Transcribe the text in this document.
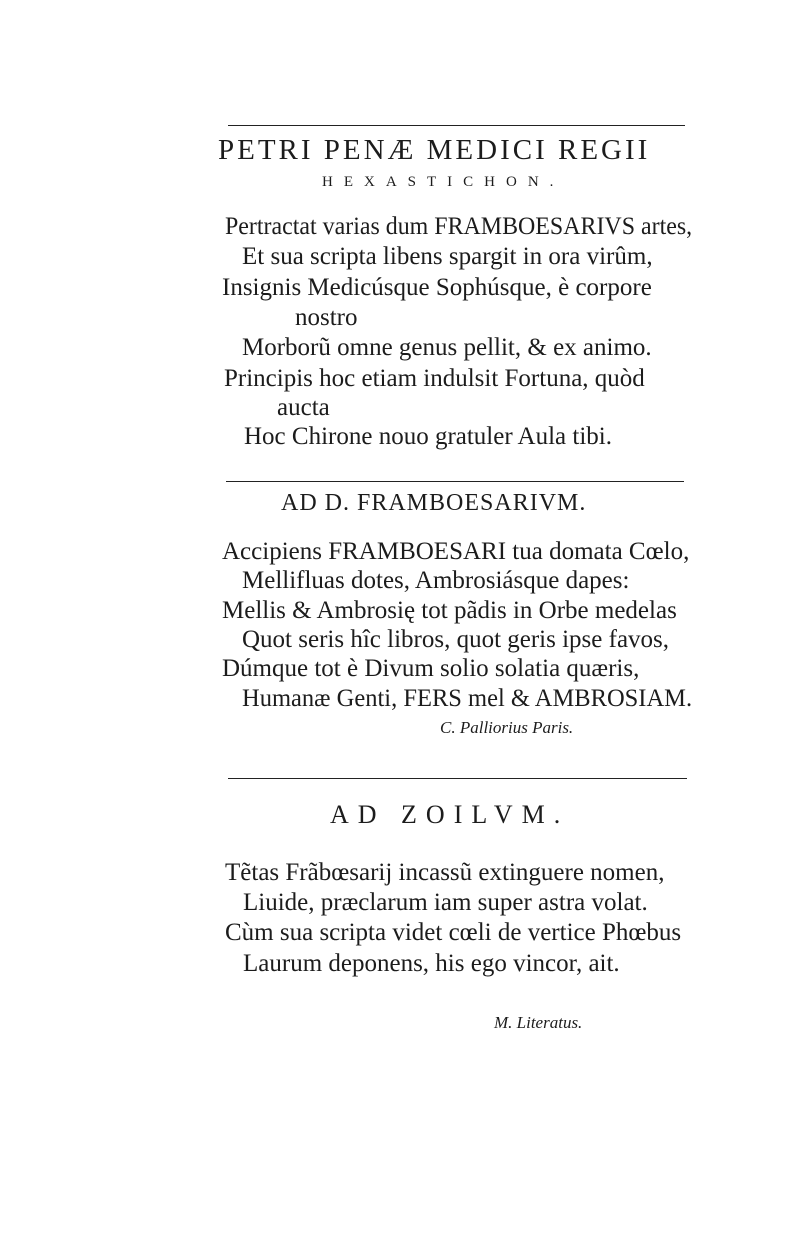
PETRI PENÆ MEDICI REGII
HEXASTICHON.
Pertractat varias dum FRAMBOESARIVS artes,
Et sua scripta libens spargit in ora virûm,
Insignis Medicúsque Sophúsque, è corpore
nostro
Morborũ omne genus pellit, & ex animo.
Principis hoc etiam indulsit Fortuna, quòd
aucta
Hoc Chirone nouo gratuler Aula tibi.
AD D. FRAMBOESARIVM.
Accipiens FRAMBOESARI tua domata Cœlo,
Mellifluas dotes, Ambrosiásque dapes:
Mellis & Ambrosię tot pãdis in Orbe medelas
Quot seris hîc libros, quot geris ipse favos,
Dúmque tot è Divum solio solatia quæris,
Humanæ Genti, FERS mel & AMBROSIAM.
C. Palliorius Paris.
AD ZOILVM.
Tẽtas Frãbœsarij incassũ extinguere nomen,
Liuide, præclarum iam super astra volat.
Cùm sua scripta videt cœli de vertice Phœbus
Laurum deponens, his ego vincor, ait.
M. Literatus.
